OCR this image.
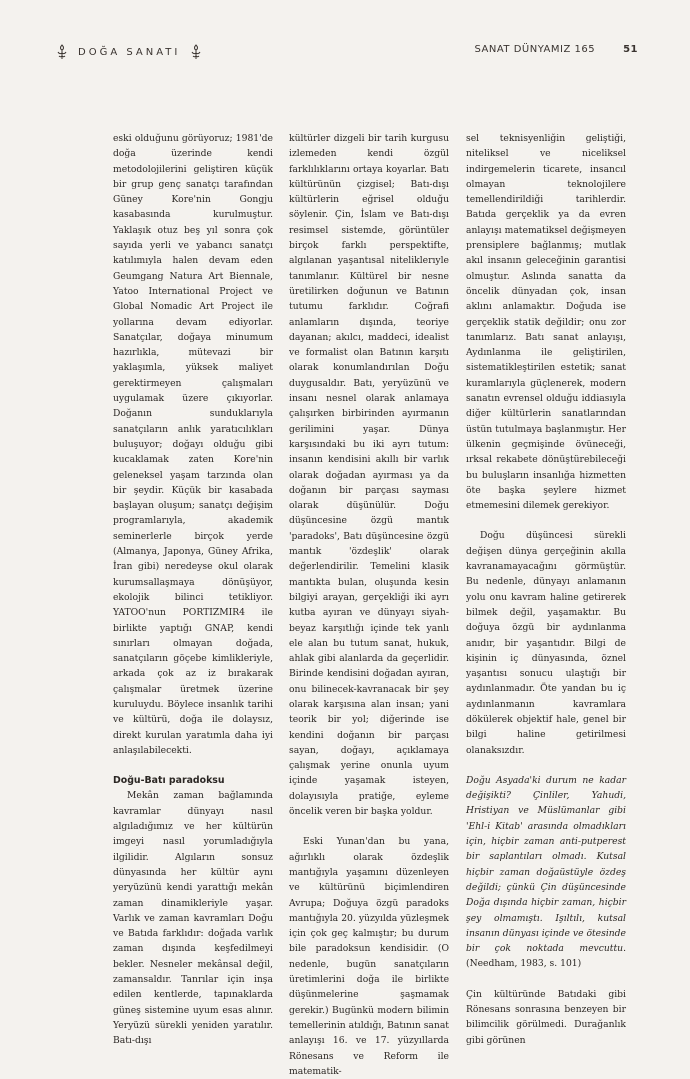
DOĞA SANATI	SANAT DÜNYAMIZ 165	51

eski olduğunu görüyoruz; 1981'de doğa üzerinde kendi metodolojilerini geliştiren küçük bir grup genç sanatçı tarafından Güney Kore'nin Gongju kasabasında kurulmuştur. Yaklaşık otuz beş yıl sonra çok sayıda yerli ve yabancı sanatçı katılımıyla halen devam eden Geumgang Natura Art Biennale, Yatoo International Project ve Global Nomadic Art Project ile yollarına devam ediyorlar. Sanatçılar, doğaya minumum hazırlıkla, mütevazi bir yaklaşımla, yüksek maliyet gerektirmeyen çalışmaları uygulamak üzere çıkıyorlar. Doğanın sunduklarıyla sanatçıların anlık yaratıcılıkları buluşuyor; doğayı olduğu gibi kucaklamak zaten Kore'nin geleneksel yaşam tarzında olan bir şeydir. Küçük bir kasabada başlayan oluşum; sanatçı değişim programlarıyla, akademik seminerlerle birçok yerde (Almanya, Japonya, Güney Afrika, İran gibi) neredeyse okul olarak kurumsallaşmaya dönüşüyor, ekolojik bilinci tetikliyor. YATOO'nun PORTIZMIR4 ile birlikte yaptığı GNAP, kendi sınırları olmayan doğada, sanatçıların göçebe kimlikleriyle, arkada çok az iz bırakarak çalışmalar üretmek üzerine kuruluydu. Böylece insanlık tarihi ve kültürü, doğa ile dolaysız, direkt kurulan yaratımla daha iyi anlaşılabilecekti.

Doğu-Batı paradoksu

Mekân zaman bağlamında kavramlar dünyayı nasıl algıladığımız ve her kültürün imgeyi nasıl yorumladığıyla ilgilidir. Algıların sonsuz dünyasında her kültür aynı yeryüzünü kendi yarattığı mekân zaman dinamikleriyle yaşar. Varlık ve zaman kavramları Doğu ve Batıda farklıdır: doğada varlık zaman dışında keşfedilmeyi bekler. Nesneler mekânsal değil, zamansaldır. Tanrılar için inşa edilen kentlerde, tapınaklarda güneş sistemine uyum esas alınır. Yeryüzü sürekli yeniden yaratılır. Batı-dışı

kültürler dizgeli bir tarih kurgusu izlemeden kendi özgül farklılıklarını ortaya koyarlar. Batı kültürünün çizgisel; Batı-dışı kültürlerin eğrisel olduğu söylenir. Çin, İslam ve Batı-dışı resimsel sistemde, görüntüler birçok farklı perspektifte, algılanan yaşantısal niteliklerıyle tanımlanır. Kültürel bir nesne üretilirken doğunun ve Batının tutumu farklıdır. Coğrafi anlamların dışında, teoriye dayanan; akılcı, maddeci, idealist ve formalist olan Batının karşıtı olarak konumlandırılan Doğu duygusaldır. Batı, yeryüzünü ve insanı nesnel olarak anlamaya çalışırken birbirinden ayırmanın gerilimini yaşar. Dünya karşısındaki bu iki ayrı tutum: insanın kendisini akıllı bir varlık olarak doğadan ayırması ya da doğanın bir parçası sayması olarak düşünülür. Doğu düşüncesine özgü mantık 'paradoks', Batı düşüncesine özgü mantık 'özdeşlik' olarak değerlendirilir. Temelini klasik mantıkta bulan, oluşunda kesin bilgiyi arayan, gerçekliği iki ayrı kutba ayıran ve dünyayı siyah-beyaz karşıtlığı içinde tek yanlı ele alan bu tutum sanat, hukuk, ahlak gibi alanlarda da geçerlidir. Birinde kendisini doğadan ayıran, onu bilinecek-kavranacak bir şey olarak karşısına alan insan; yani teorik bir yol; diğerinde ise kendini doğanın bir parçası sayan, doğayı, açıklamaya çalışmak yerine onunla uyum içinde yaşamak isteyen, dolayısıyla pratiğe, eyleme öncelik veren bir başka yoldur.

Eski Yunan'dan bu yana, ağırlıklı olarak özdeşlik mantığıyla yaşamını düzenleyen ve kültürünü biçimlendiren Avrupa; Doğuya özgü paradoks mantığıyla 20. yüzyılda yüzleşmek için çok geç kalmıştır; bu durum bile paradoksun kendisidir. (O nedenle, bugün sanatçıların üretimlerini doğa ile birlikte düşünmelerine şaşmamak gerekir.) Bugünkü modern bilimin temellerinin atıldığı, Batının sanat anlayışı 16. ve 17. yüzyıllarda Rönesans ve Reform ile matematik-

sel teknisyenliğin geliştiği, niteliksel ve niceliksel indirgemelerin ticarete, insancıl olmayan teknolojilere temellendirildiği tarihlerdir. Batıda gerçeklik ya da evren anlayışı matematiksel değişmeyen prensiplere bağlanmış; mutlak akıl insanın geleceğinin garantisi olmuştur. Aslında sanatta da öncelik dünyadan çok, insan aklını anlamaktır. Doğuda ise gerçeklik statik değildir; onu zor tanımlarız. Batı sanat anlayışı, Aydınlanma ile geliştirilen, sistematikleştirilen estetik; sanat kuramlarıyla güçlenerek, modern sanatın evrensel olduğu iddiasıyla diğer kültürlerin sanatlarından üstün tutulmaya başlanmıştır. Her ülkenin geçmişinde övüneceği, ırksal rekabete dönüştürebileceği bu buluşların insanlığa hizmetten öte başka şeylere hizmet etmemesini dilemek gerekiyor.

Doğu düşüncesi sürekli değişen dünya gerçeğinin akılla kavranamayacağını görmüştür. Bu nedenle, dünyayı anlamanın yolu onu kavram haline getirerek bilmek değil, yaşamaktır. Bu doğuya özgü bir aydınlanma anıdır, bir yaşantıdır. Bilgi de kişinin iç dünyasında, öznel yaşantısı sonucu ulaştığı bir aydınlanmadır. Öte yandan bu iç aydınlanmanın kavramlara dökülerek objektif hale, genel bir bilgi haline getirilmesi olanaksızdır.

Doğu Asyada'ki durum ne kadar değişikti? Çinliler, Yahudi, Hristiyan ve Müslümanlar gibi 'Ehl-i Kitab' arasında olmadıkları için, hiçbir zaman anti-putperest bir saplantıları olmadı. Kutsal hiçbir zaman doğaüstüyle özdeş değildi; çünkü Çin düşüncesinde Doğa dışında hiçbir zaman, hiçbir şey olmamıştı. Işıltılı, kutsal insanın dünyası içinde ve ötesinde bir çok noktada mevcuttu. (Needham, 1983, s. 101)

Çin kültüründe Batıdaki gibi Rönesans sonrasına benzeyen bir bilimcilik görülmedi. Durağanlık gibi görünen
